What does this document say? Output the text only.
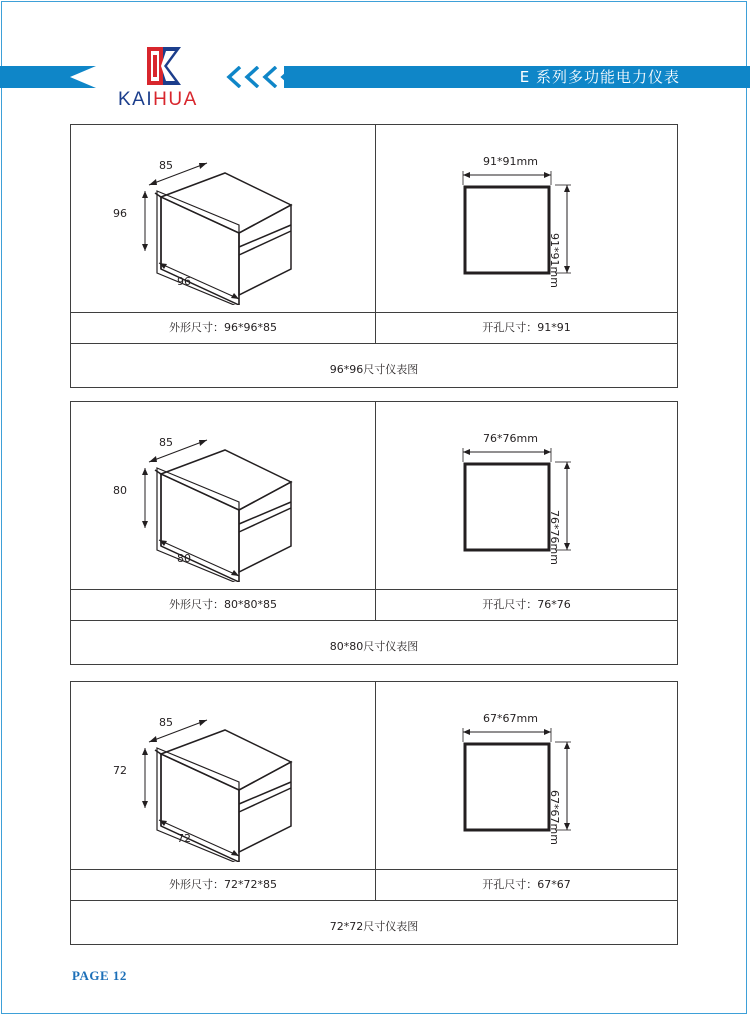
E 系列多功能电力仪表
KAIHUA
85
96
96
91*91mm
91*91mm
外形尺寸：96*96*85	开孔尺寸：91*91
96*96尺寸仪表图
85
80
80
76*76mm
76*76mm
外形尺寸：80*80*85	开孔尺寸：76*76
80*80尺寸仪表图
85
72
72
67*67mm
67*67mm
外形尺寸：72*72*85	开孔尺寸：67*67
72*72尺寸仪表图
PAGE 12
